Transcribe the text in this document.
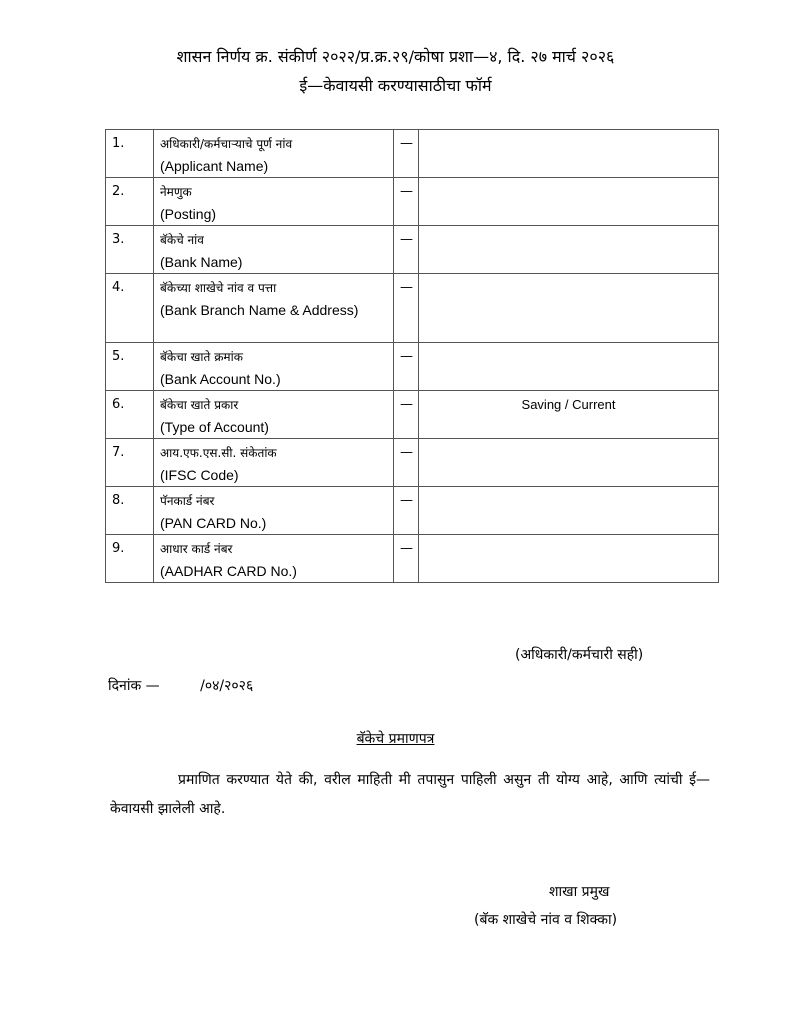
शासन निर्णय क्र. संकीर्ण २०२२/प्र.क्र.२९/कोषा प्रशा—४, दि. २७ मार्च २०२६
ई—केवायसी करण्यासाठीचा फॉर्म
1.	अधिकारी/कर्मचाऱ्याचे पूर्ण नांव
(Applicant Name)	—	
2.	नेमणुक
(Posting)	—	
3.	बॅकेचे नांव
(Bank Name)	—	
4.	बॅकेच्या शाखेचे नांव व पत्ता
(Bank Branch Name & Address)	—	
5.	बॅकेचा खाते क्रमांक
(Bank Account No.)	—	
6.	बॅकेचा खाते प्रकार
(Type of Account)	—	Saving / Current
7.	आय.एफ.एस.सी. संकेतांक
(IFSC Code)	—	
8.	पॅनकार्ड नंबर
(PAN CARD No.)	—	
9.	आधार कार्ड नंबर
(AADHAR CARD No.)	—	
(अधिकारी/कर्मचारी सही)
दिनांक —	/०४/२०२६
बॅकेचे प्रमाणपत्र
प्रमाणित करण्यात येते की, वरील माहिती मी तपासुन पाहिली असुन ती योग्य आहे, आणि त्यांची ई—केवायसी झालेली आहे.
शाखा प्रमुख
(बॅक शाखेचे नांव व शिक्का)
